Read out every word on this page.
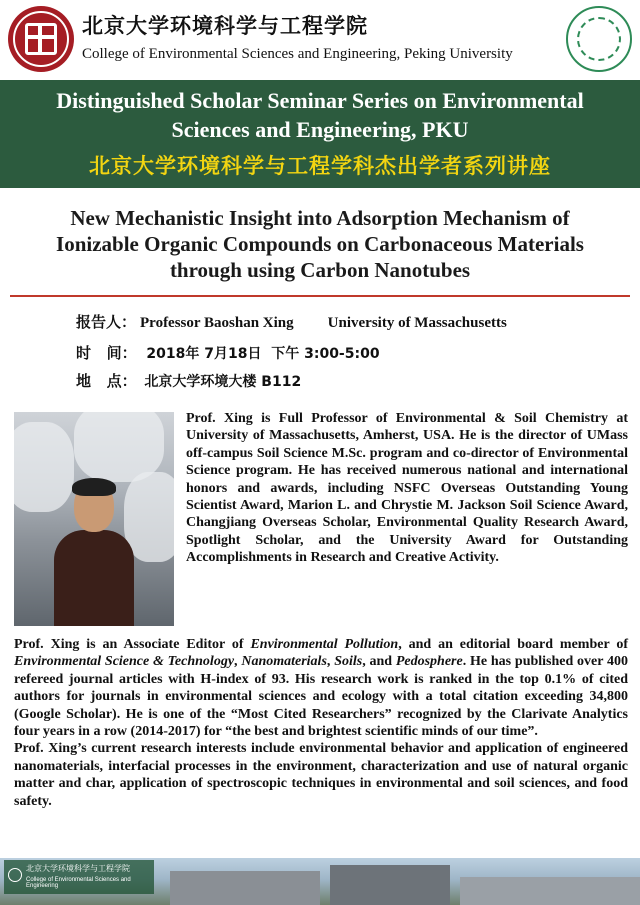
北京大学环境科学与工程学院
College of Environmental Sciences and Engineering, Peking University
Distinguished Scholar Seminar Series on Environmental
Sciences and Engineering, PKU
北京大学环境科学与工程学科杰出学者系列讲座
New Mechanistic Insight into Adsorption Mechanism of
Ionizable Organic Compounds on Carbonaceous Materials
through using Carbon Nanotubes
报告人： Professor Baoshan Xing University of Massachusetts
时   间： 2018年 7月18日 下午 3:00-5:00
地   点： 北京大学环境大楼 B112
Prof. Xing is Full Professor of Environmental & Soil Chemistry at University of Massachusetts, Amherst, USA. He is the director of UMass off-campus Soil Science M.Sc. program and co-director of Environmental Science program. He has received numerous national and international honors and awards, including NSFC Overseas Outstanding Young Scientist Award, Marion L. and Chrystie M. Jackson Soil Science Award, Changjiang Overseas Scholar, Environmental Quality Research Award, Spotlight Scholar, and the University Award for Outstanding Accomplishments in Research and Creative Activity.

Prof. Xing is an Associate Editor of Environmental Pollution, and an editorial board member of Environmental Science & Technology, Nanomaterials, Soils, and Pedosphere. He has published over 400 refereed journal articles with H-index of 93. His research work is ranked in the top 0.1% of cited authors for journals in environmental sciences and ecology with a total citation exceeding 34,800 (Google Scholar). He is one of the “Most Cited Researchers” recognized by the Clarivate Analytics four years in a row (2014-2017) for “the best and brightest scientific minds of our time”.

Prof. Xing’s current research interests include environmental behavior and application of engineered nanomaterials, interfacial processes in the environment, characterization and use of natural organic matter and char, application of spectroscopic techniques in environmental and soil sciences, and food safety.

北京大学环境科学与工程学院
College of Environmental Sciences and Engineering
